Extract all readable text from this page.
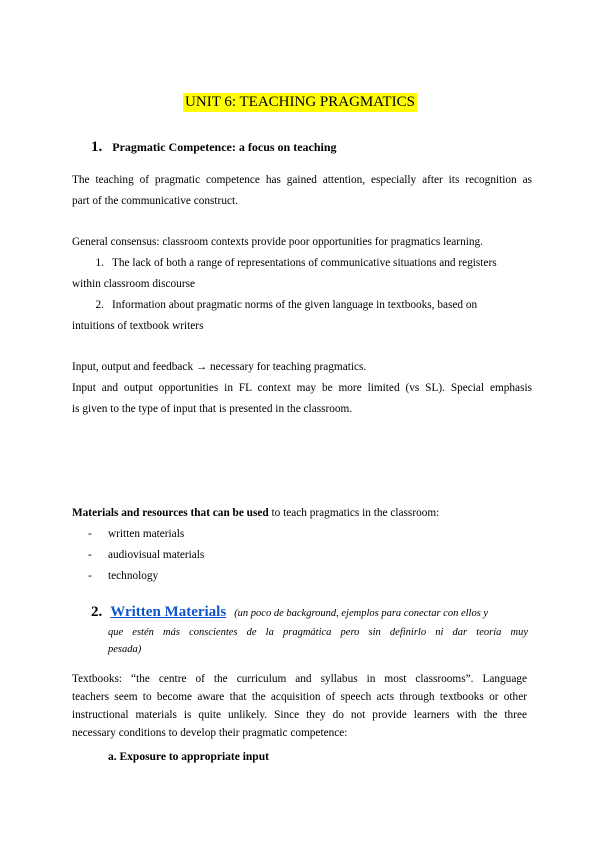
UNIT 6: TEACHING PRAGMATICS
1. Pragmatic Competence: a focus on teaching
The teaching of pragmatic competence has gained attention, especially after its recognition as
part of the communicative construct.
General consensus: classroom contexts provide poor opportunities for pragmatics learning.
1. The lack of both a range of representations of communicative situations and registers
within classroom discourse
2. Information about pragmatic norms of the given language in textbooks, based on
intuitions of textbook writers
Input, output and feedback → necessary for teaching pragmatics.
Input and output opportunities in FL context may be more limited (vs SL). Special emphasis
is given to the type of input that is presented in the classroom.
Materials and resources that can be used to teach pragmatics in the classroom:
- written materials
- audiovisual materials
- technology
2. Written Materials (un poco de background, ejemplos para conectar con ellos y
que estén más conscientes de la pragmática pero sin definirlo ni dar teoría muy
pesada)
Textbooks: “the centre of the curriculum and syllabus in most classrooms”. Language
teachers seem to become aware that the acquisition of speech acts through textbooks or other
instructional materials is quite unlikely. Since they do not provide learners with the three
necessary conditions to develop their pragmatic competence:
a. Exposure to appropriate input
